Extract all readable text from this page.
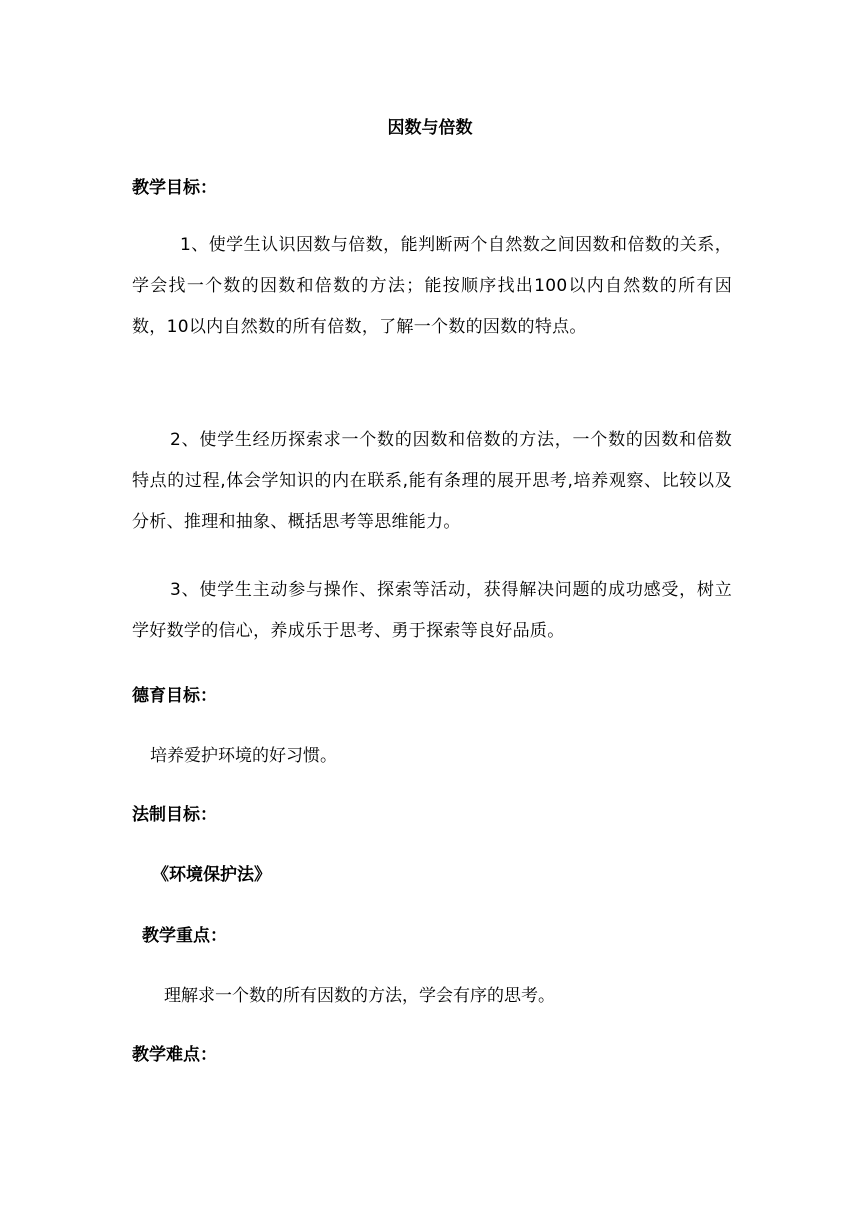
因数与倍数
教学目标：
1、使学生认识因数与倍数，能判断两个自然数之间因数和倍数的关系，学会找一个数的因数和倍数的方法；能按顺序找出100以内自然数的所有因数，10以内自然数的所有倍数，了解一个数的因数的特点。
2、使学生经历探索求一个数的因数和倍数的方法，一个数的因数和倍数特点的过程,体会学知识的内在联系,能有条理的展开思考,培养观察、比较以及分析、推理和抽象、概括思考等思维能力。
3、使学生主动参与操作、探索等活动，获得解决问题的成功感受，树立学好数学的信心，养成乐于思考、勇于探索等良好品质。
德育目标：
培养爱护环境的好习惯。
法制目标：
《环境保护法》
教学重点：
理解求一个数的所有因数的方法，学会有序的思考。
教学难点：
